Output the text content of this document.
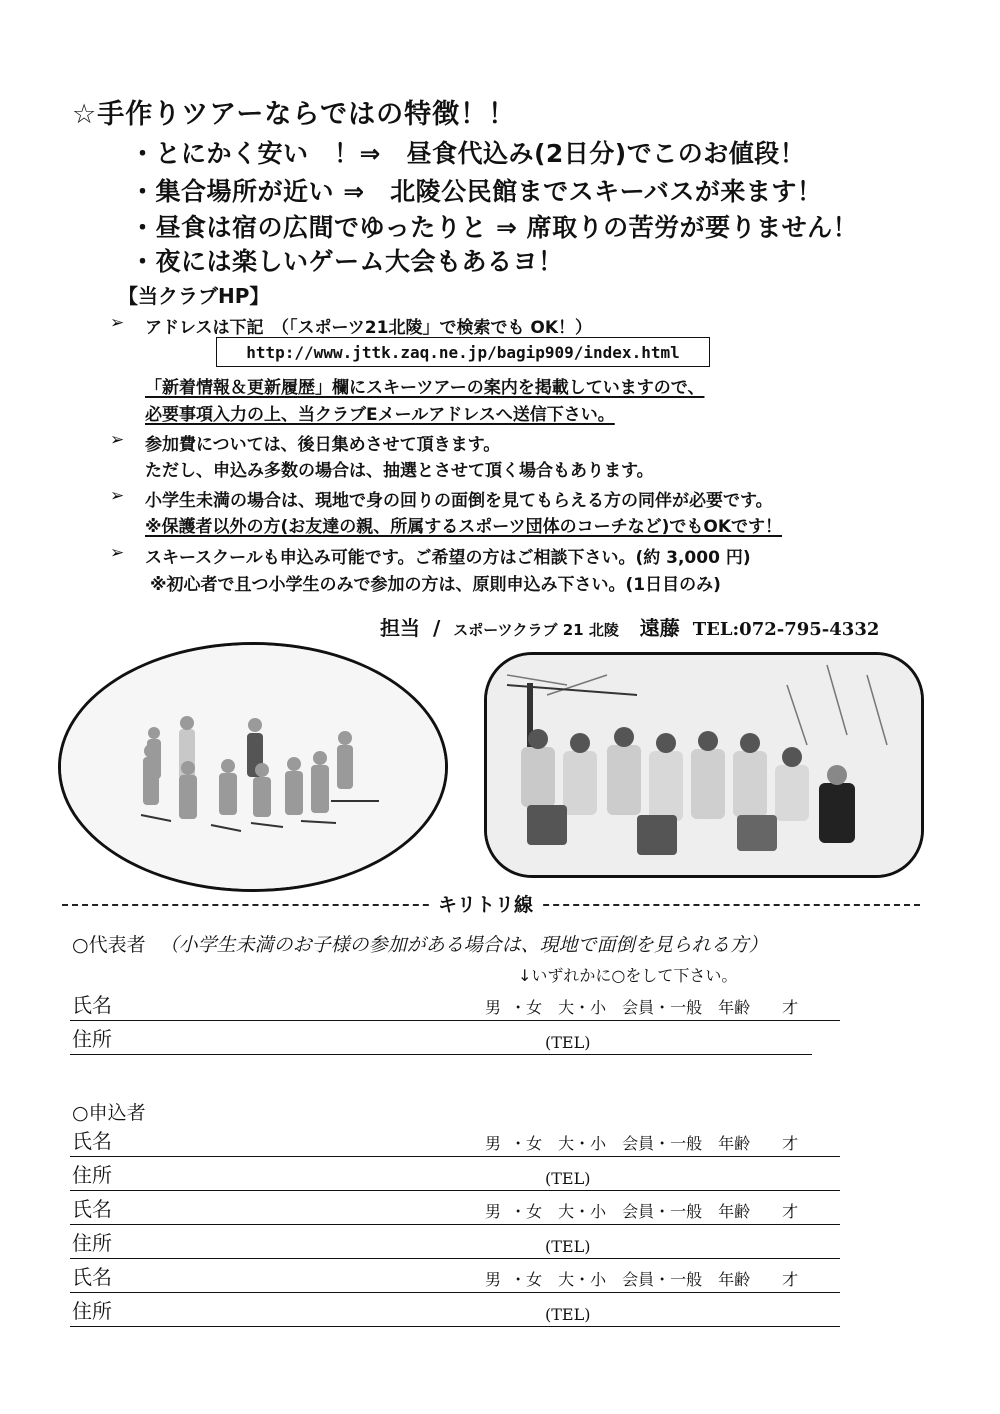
☆手作りツアーならではの特徴！！
・とにかく安い　！⇒　昼食代込み(2日分)でこのお値段！
・集合場所が近い ⇒　北陵公民館までスキーバスが来ます！
・昼食は宿の広間でゆったりと ⇒ 席取りの苦労が要りません！
・夜には楽しいゲーム大会もあるヨ！
【当クラブHP】
➢ アドレスは下記　（「スポーツ21北陵」で検索でも OK！）
http://www.jttk.zaq.ne.jp/bagip909/index.html
「新着情報＆更新履歴」欄にスキーツアーの案内を掲載していますので、
必要事項入力の上、当クラブEメールアドレスへ送信下さい。
➢ 参加費については、後日集めさせて頂きます。
ただし、申込み多数の場合は、抽選とさせて頂く場合もあります。
➢ 小学生未満の場合は、現地で身の回りの面倒を見てもらえる方の同伴が必要です。
※保護者以外の方(お友達の親、所属するスポーツ団体のコーチなど)でもOKです！
➢ スキースクールも申込み可能です。ご希望の方はご相談下さい。(約 3,000 円)
※初心者で且つ小学生のみで参加の方は、原則申込み下さい。(1日目のみ)
担当 / スポーツクラブ 21 北陵 遠藤 TEL:072-795-4332
キリトリ線
○代表者 （小学生未満のお子様の参加がある場合は、現地で面倒を見られる方）
↓いずれかに○をして下さい。
氏名	男 ・女　大・小　会員・一般　年齢　　才
住所	(TEL)
○申込者
氏名	男 ・女　大・小　会員・一般　年齢　　才
住所	(TEL)
氏名	男 ・女　大・小　会員・一般　年齢　　才
住所	(TEL)
氏名	男 ・女　大・小　会員・一般　年齢　　才
住所	(TEL)
